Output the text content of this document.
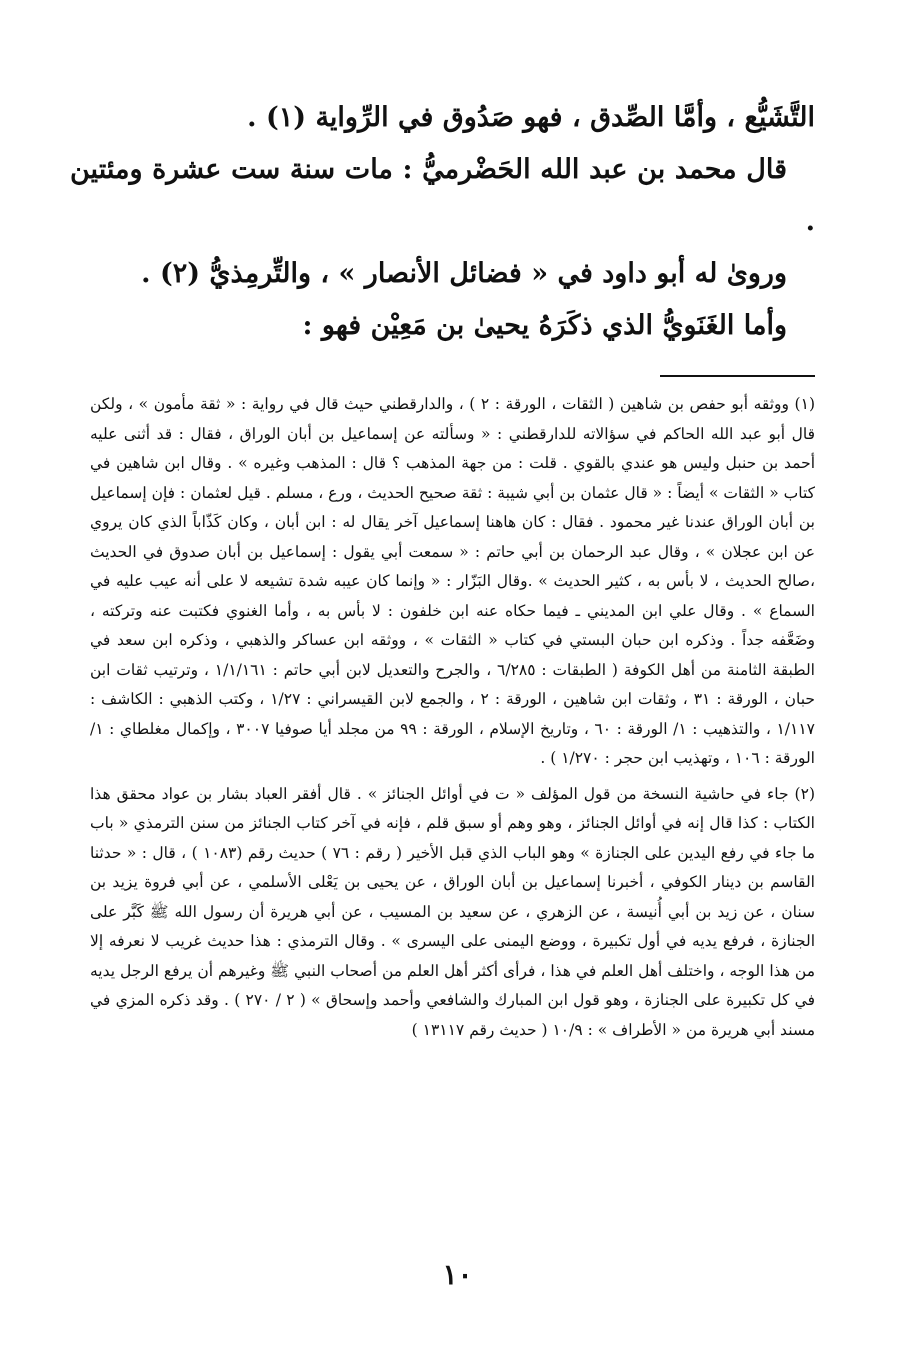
التَّشَيُّع ، وأمَّا الصِّدق ، فهو صَدُوق في الرِّواية (١) .

قال محمد بن عبد الله الحَضْرميُّ : مات سنة ست عشرة ومئتين .

وروىٰ له أبو داود في « فضائل الأنصار » ، والتِّرمِذيُّ (٢) .

وأما الغَنَويُّ الذي ذكَرَهُ يحيىٰ بن مَعِيْن فهو :

(١) ووثقه أبو حفص بن شاهين ( الثقات ، الورقة : ٢ ) ، والدارقطني حيث قال في رواية : « ثقة مأمون » ، ولكن قال أبو عبد الله الحاكم في سؤالاته للدارقطني : « وسألته عن إسماعيل بن أبان الوراق ، فقال : قد أثنى عليه أحمد بن حنبل وليس هو عندي بالقوي . قلت : من جهة المذهب ؟ قال : المذهب وغيره » . وقال ابن شاهين في كتاب « الثقات » أيضاً : « قال عثمان بن أبي شيبة : ثقة صحيح الحديث ، ورع ، مسلم . قيل لعثمان : فإن إسماعيل بن أبان الوراق عندنا غير محمود . فقال : كان هاهنا إسماعيل آخر يقال له : ابن أبان ، وكان كَذّاباً الذي كان يروي عن ابن عجلان » ، وقال عبد الرحمان بن أبي حاتم : « سمعت أبي يقول : إسماعيل بن أبان صدوق في الحديث ،صالح الحديث ، لا بأس به ، كثير الحديث » .وقال البَزّار : « وإنما كان عيبه شدة تشيعه لا على أنه عيب عليه في السماع » . وقال علي ابن المديني ـ فيما حكاه عنه ابن خلفون : لا بأس به ، وأما الغنوي فكتبت عنه وتركته ، وضَعَّفه جداً . وذكره ابن حبان البستي في كتاب « الثقات » ، ووثقه ابن عساكر والذهبي ، وذكره ابن سعد في الطبقة الثامنة من أهل الكوفة ( الطبقات : ٦/٢٨٥ ، والجرح والتعديل لابن أبي حاتم : ١/١/١٦١ ، وترتيب ثقات ابن حبان ، الورقة : ٣١ ، وثقات ابن شاهين ، الورقة : ٢ ، والجمع لابن القيسراني : ١/٢٧ ، وكتب الذهبي : الكاشف : ١/١١٧ ، والتذهيب : ١/ الورقة : ٦٠ ، وتاريخ الإسلام ، الورقة : ٩٩ من مجلد أيا صوفيا ٣٠٠٧ ، وإكمال مغلطاي : ١/الورقة : ١٠٦ ، وتهذيب ابن حجر : ١/٢٧٠ ) .

(٢) جاء في حاشية النسخة من قول المؤلف « ت في أوائل الجنائز » . قال أفقر العباد بشار بن عواد محقق هذا الكتاب : كذا قال إنه في أوائل الجنائز ، وهو وهم أو سبق قلم ، فإنه في آخر كتاب الجنائز من سنن الترمذي « باب ما جاء في رفع اليدين على الجنازة » وهو الباب الذي قبل الأخير ( رقم : ٧٦ ) حديث رقم (١٠٨٣ ) ، قال : « حدثنا القاسم بن دينار الكوفي ، أخبرنا إسماعيل بن أبان الوراق ، عن يحيى بن يَعْلى الأسلمي ، عن أبي فروة يزيد بن سنان ، عن زيد بن أبي أُنيسة ، عن الزهري ، عن سعيد بن المسيب ، عن أبي هريرة أن رسول الله ﷺ كَبَّر على الجنازة ، فرفع يديه في أول تكبيرة ، ووضع اليمنى على اليسرى » . وقال الترمذي : هذا حديث غريب لا نعرفه إلا من هذا الوجه ، واختلف أهل العلم في هذا ، فرأى أكثر أهل العلم من أصحاب النبي ﷺ وغيرهم أن يرفع الرجل يديه في كل تكبيرة على الجنازة ، وهو قول ابن المبارك والشافعي وأحمد وإسحاق » ( ٢ / ٢٧٠ ) . وقد ذكره المزي في مسند أبي هريرة من « الأطراف » : ١٠/٩ ( حديث رقم ١٣١١٧ )

١٠
